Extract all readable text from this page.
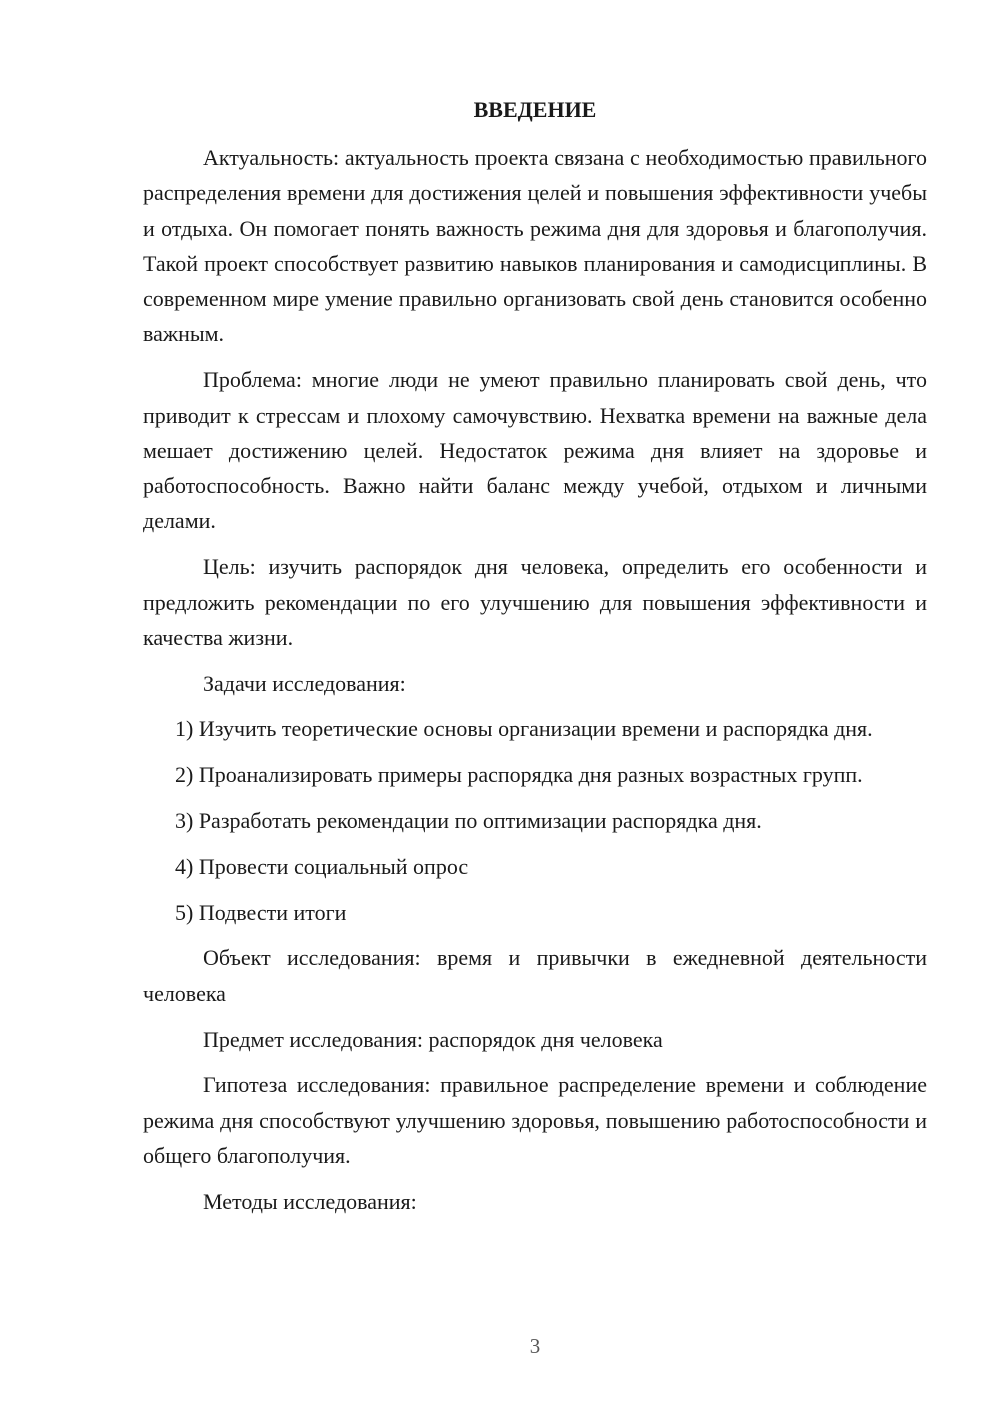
ВВЕДЕНИЕ

Актуальность: актуальность проекта связана с необходимостью правильного распределения времени для достижения целей и повышения эффективности учебы и отдыха. Он помогает понять важность режима дня для здоровья и благополучия. Такой проект способствует развитию навыков планирования и самодисциплины. В современном мире умение правильно организовать свой день становится особенно важным.

Проблема: многие люди не умеют правильно планировать свой день, что приводит к стрессам и плохому самочувствию. Нехватка времени на важные дела мешает достижению целей. Недостаток режима дня влияет на здоровье и работоспособность. Важно найти баланс между учебой, отдыхом и личными делами.

Цель: изучить распорядок дня человека, определить его особенности и предложить рекомендации по его улучшению для повышения эффективности и качества жизни.

Задачи исследования:

1) Изучить теоретические основы организации времени и распорядка дня.

2) Проанализировать примеры распорядка дня разных возрастных групп.

3) Разработать рекомендации по оптимизации распорядка дня.

4) Провести социальный опрос

5) Подвести итоги

Объект исследования: время и привычки в ежедневной деятельности человека

Предмет исследования: распорядок дня человека

Гипотеза исследования: правильное распределение времени и соблюдение режима дня способствуют улучшению здоровья, повышению работоспособности и общего благополучия.

Методы исследования:

3
